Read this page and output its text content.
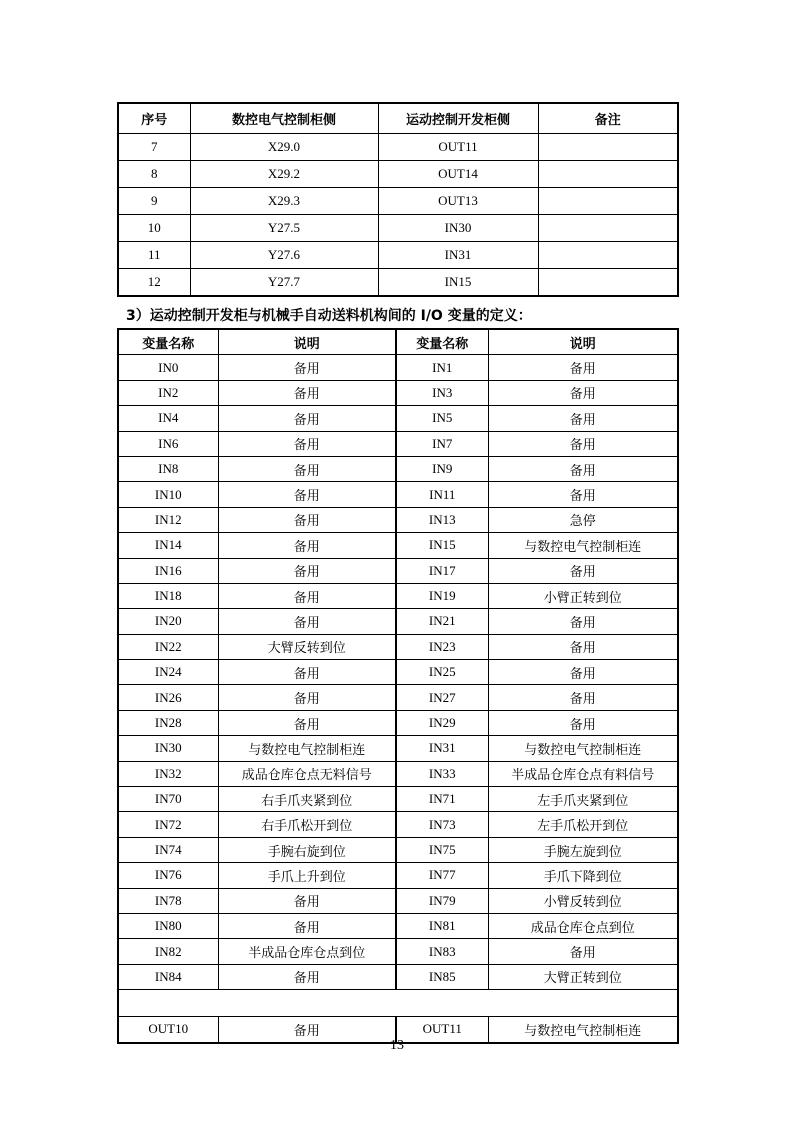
序号	数控电气控制柜侧	运动控制开发柜侧	备注
7	X29.0	OUT11	
8	X29.2	OUT14	
9	X29.3	OUT13	
10	Y27.5	IN30	
11	Y27.6	IN31	
12	Y27.7	IN15	
3）运动控制开发柜与机械手自动送料机构间的 I/O 变量的定义：
变量名称	说明	变量名称	说明
IN0	备用	IN1	备用
IN2	备用	IN3	备用
IN4	备用	IN5	备用
IN6	备用	IN7	备用
IN8	备用	IN9	备用
IN10	备用	IN11	备用
IN12	备用	IN13	急停
IN14	备用	IN15	与数控电气控制柜连
IN16	备用	IN17	备用
IN18	备用	IN19	小臂正转到位
IN20	备用	IN21	备用
IN22	大臂反转到位	IN23	备用
IN24	备用	IN25	备用
IN26	备用	IN27	备用
IN28	备用	IN29	备用
IN30	与数控电气控制柜连	IN31	与数控电气控制柜连
IN32	成品仓库仓点无料信号	IN33	半成品仓库仓点有料信号
IN70	右手爪夹紧到位	IN71	左手爪夹紧到位
IN72	右手爪松开到位	IN73	左手爪松开到位
IN74	手腕右旋到位	IN75	手腕左旋到位
IN76	手爪上升到位	IN77	手爪下降到位
IN78	备用	IN79	小臂反转到位
IN80	备用	IN81	成品仓库仓点到位
IN82	半成品仓库仓点到位	IN83	备用
IN84	备用	IN85	大臂正转到位

OUT10	备用	OUT11	与数控电气控制柜连
13
